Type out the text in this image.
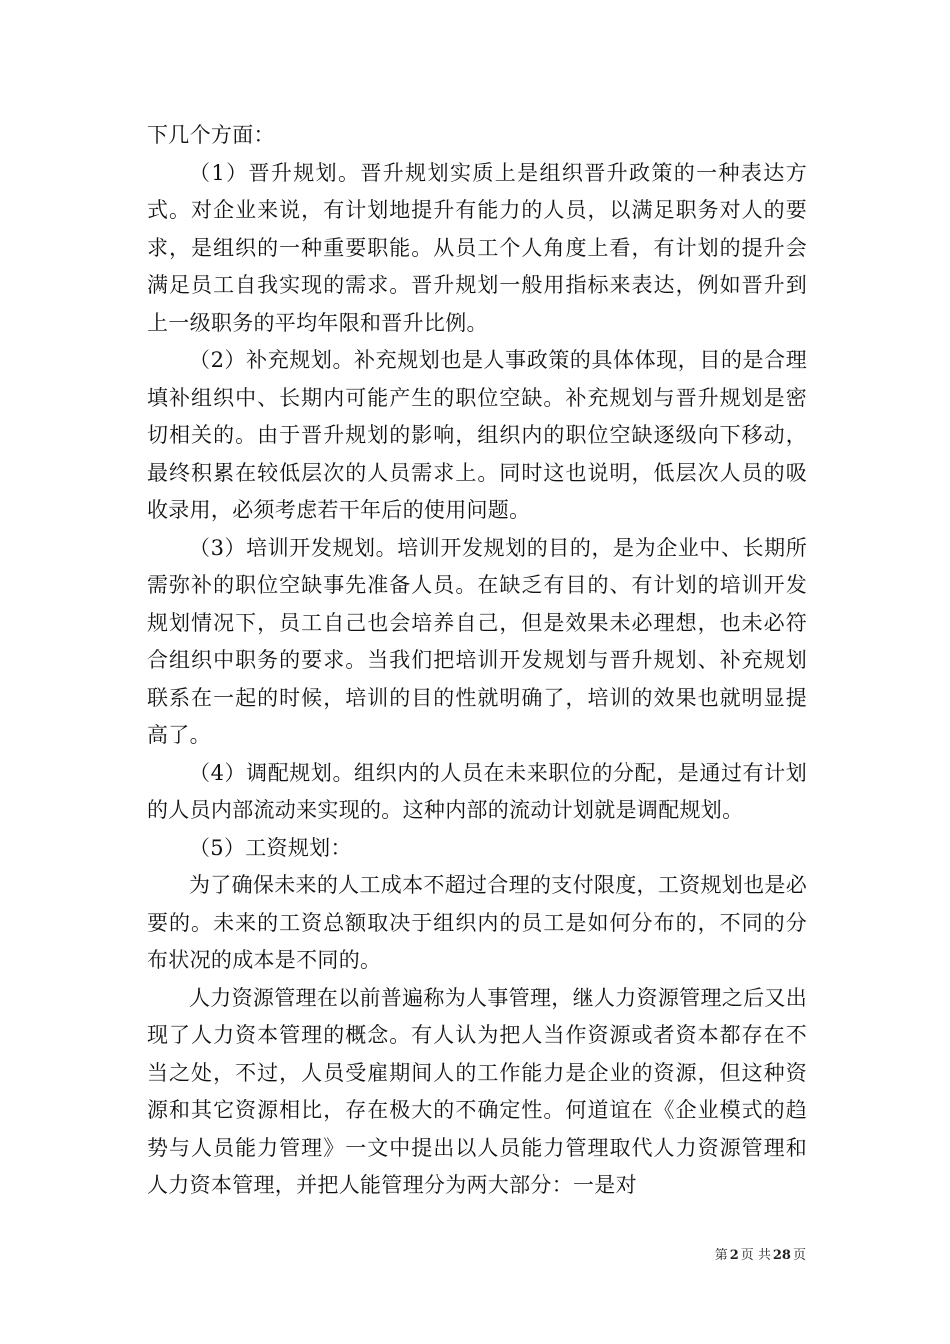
下几个方面：

（1）晋升规划。晋升规划实质上是组织晋升政策的一种表达方式。对企业来说，有计划地提升有能力的人员，以满足职务对人的要求，是组织的一种重要职能。从员工个人角度上看，有计划的提升会满足员工自我实现的需求。晋升规划一般用指标来表达，例如晋升到上一级职务的平均年限和晋升比例。

（2）补充规划。补充规划也是人事政策的具体体现，目的是合理填补组织中、长期内可能产生的职位空缺。补充规划与晋升规划是密切相关的。由于晋升规划的影响，组织内的职位空缺逐级向下移动，最终积累在较低层次的人员需求上。同时这也说明，低层次人员的吸收录用，必须考虑若干年后的使用问题。

（3）培训开发规划。培训开发规划的目的，是为企业中、长期所需弥补的职位空缺事先准备人员。在缺乏有目的、有计划的培训开发规划情况下，员工自己也会培养自己，但是效果未必理想，也未必符合组织中职务的要求。当我们把培训开发规划与晋升规划、补充规划联系在一起的时候，培训的目的性就明确了，培训的效果也就明显提高了。

（4）调配规划。组织内的人员在未来职位的分配，是通过有计划的人员内部流动来实现的。这种内部的流动计划就是调配规划。

（5）工资规划：

为了确保未来的人工成本不超过合理的支付限度，工资规划也是必要的。未来的工资总额取决于组织内的员工是如何分布的，不同的分布状况的成本是不同的。

人力资源管理在以前普遍称为人事管理，继人力资源管理之后又出现了人力资本管理的概念。有人认为把人当作资源或者资本都存在不当之处，不过，人员受雇期间人的工作能力是企业的资源，但这种资源和其它资源相比，存在极大的不确定性。何道谊在《企业模式的趋势与人员能力管理》一文中提出以人员能力管理取代人力资源管理和人力资本管理，并把人能管理分为两大部分：一是对

第 2 页 共 28 页
